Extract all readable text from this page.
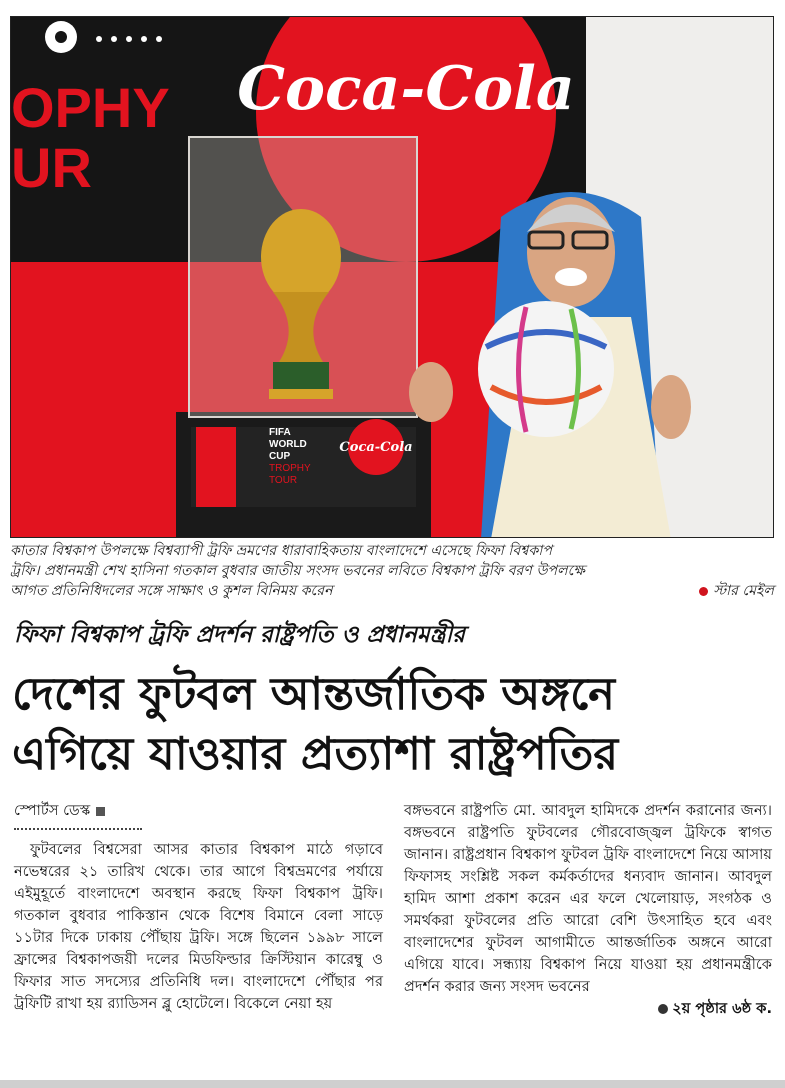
Coca-Cola
OPHY
UR
Coca-Cola
FIFA
WORLD
CUP
TROPHY
TOUR

কাতার বিশ্বকাপ উপলক্ষে বিশ্বব্যাপী ট্রফি ভ্রমণের ধারাবাহিকতায় বাংলাদেশে এসেছে ফিফা বিশ্বকাপ

ট্রফি। প্রধানমন্ত্রী শেখ হাসিনা গতকাল বুধবার জাতীয় সংসদ ভবনের লবিতে বিশ্বকাপ ট্রফি বরণ উপলক্ষে

আগত প্রতিনিধিদলের সঙ্গে সাক্ষাৎ ও কুশল বিনিময় করেন	স্টার মেইল
ফিফা বিশ্বকাপ ট্রফি প্রদর্শন রাষ্ট্রপতি ও প্রধানমন্ত্রীর
দেশের ফুটবল আন্তর্জাতিক অঙ্গনে
এগিয়ে যাওয়ার প্রত্যাশা রাষ্ট্রপতির
স্পোর্টস ডেস্ক

ফুটবলের বিশ্বসেরা আসর কাতার বিশ্বকাপ মাঠে গড়াবে নভেম্বরের ২১ তারিখ থেকে। তার আগে বিশ্বভ্রমণের পর্যায়ে এইমুহূর্তে বাংলাদেশে অবস্থান করছে ফিফা বিশ্বকাপ ট্রফি। গতকাল বুধবার পাকিস্তান থেকে বিশেষ বিমানে বেলা সাড়ে ১১টার দিকে ঢাকায় পৌঁছায় ট্রফি। সঙ্গে ছিলেন ১৯৯৮ সালে ফ্রান্সের বিশ্বকাপজয়ী দলের মিডফিল্ডার ক্রিস্টিয়ান কারেম্বু ও ফিফার সাত সদস্যের প্রতিনিধি দল। বাংলাদেশে পৌঁছার পর ট্রফিটি রাখা হয় র‍্যাডিসন ব্লু হোটেলে। বিকেলে নেয়া হয়

বঙ্গভবনে রাষ্ট্রপতি মো. আবদুল হামিদকে প্রদর্শন করানোর জন্য। বঙ্গভবনে রাষ্ট্রপতি ফুটবলের গৌরবোজ্জ্বল ট্রফিকে স্বাগত জানান। রাষ্ট্রপ্রধান বিশ্বকাপ ফুটবল ট্রফি বাংলাদেশে নিয়ে আসায় ফিফাসহ সংশ্লিষ্ট সকল কর্মকর্তাদের ধন্যবাদ জানান। আবদুল হামিদ আশা প্রকাশ করেন এর ফলে খেলোয়াড়, সংগঠক ও সমর্থকরা ফুটবলের প্রতি আরো বেশি উৎসাহিত হবে এবং বাংলাদেশের ফুটবল আগামীতে আন্তর্জাতিক অঙ্গনে আরো এগিয়ে যাবে। সন্ধ্যায় বিশ্বকাপ নিয়ে যাওয়া হয় প্রধানমন্ত্রীকে প্রদর্শন করার জন্য সংসদ ভবনের

২য় পৃষ্ঠার ৬ষ্ঠ ক.
